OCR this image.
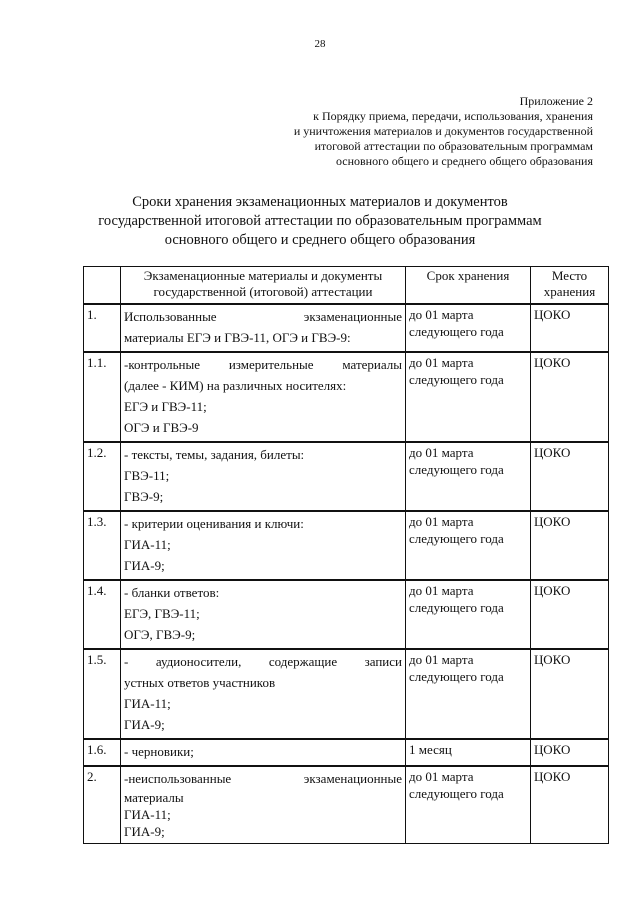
28
Приложение 2
к Порядку приема, передачи, использования, хранения
и уничтожения материалов и документов государственной
итоговой аттестации по образовательным программам
основного общего и среднего общего образования
Сроки хранения экзаменационных материалов и документов
государственной итоговой аттестации по образовательным программам
основного общего и среднего общего образования
	Экзаменационные материалы и документы государственной (итоговой) аттестации	Срок хранения	Место хранения
1.	Использованные экзаменационные
материалы ЕГЭ и ГВЭ-11, ОГЭ и ГВЭ-9:	до 01 марта следующего года	ЦОКО
1.1.	-контрольные измерительные материалы
(далее - КИМ) на различных носителях:
ЕГЭ и ГВЭ-11;
ОГЭ и ГВЭ-9	до 01 марта следующего года	ЦОКО
1.2.	- тексты, темы, задания, билеты:
ГВЭ-11;
ГВЭ-9;	до 01 марта следующего года	ЦОКО
1.3.	- критерии оценивания и ключи:
ГИА-11;
ГИА-9;	до 01 марта следующего года	ЦОКО
1.4.	- бланки ответов:
ЕГЭ, ГВЭ-11;
ОГЭ, ГВЭ-9;	до 01 марта следующего года	ЦОКО
1.5.	- аудионосители, содержащие записи
устных ответов участников
ГИА-11;
ГИА-9;	до 01 марта следующего года	ЦОКО
1.6.	- черновики;	1 месяц	ЦОКО
2.	-неиспользованные экзаменационные
материалы
ГИА-11;
ГИА-9;	до 01 марта следующего года	ЦОКО
